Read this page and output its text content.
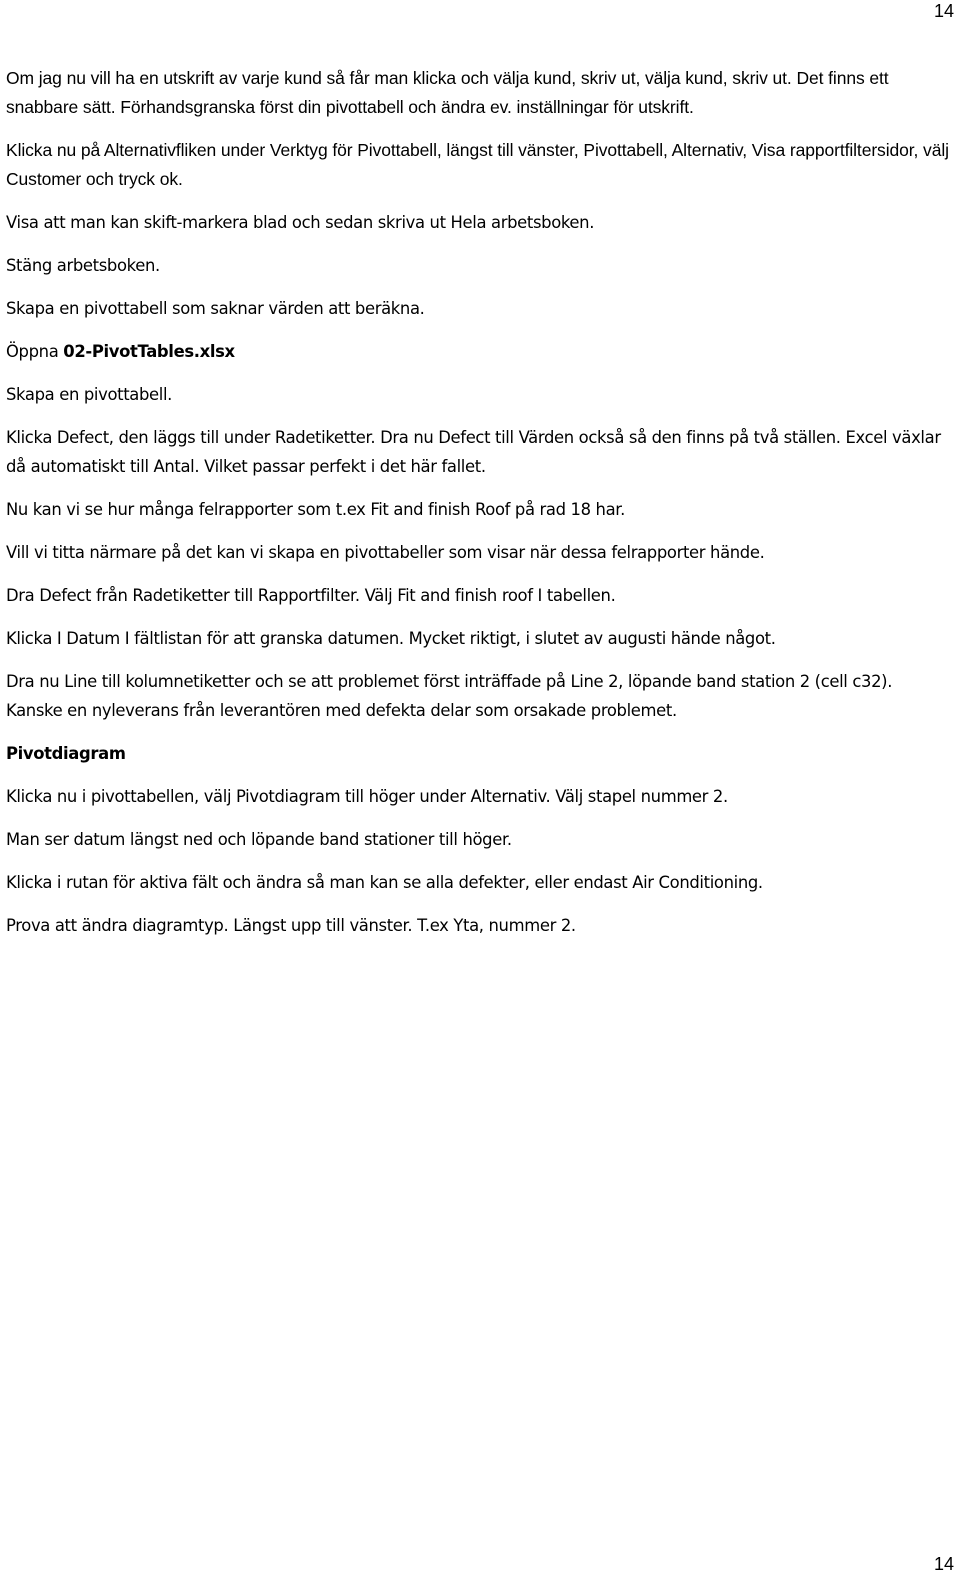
14

Om jag nu vill ha en utskrift av varje kund så får man klicka och välja kund, skriv ut, välja kund, skriv ut. Det finns ett snabbare sätt. Förhandsgranska först din pivottabell och ändra ev. inställningar för utskrift.

Klicka nu på Alternativfliken under Verktyg för Pivottabell, längst till vänster, Pivottabell, Alternativ, Visa rapportfiltersidor, välj Customer och tryck ok.

Visa att man kan skift-markera blad och sedan skriva ut Hela arbetsboken.

Stäng arbetsboken.

Skapa en pivottabell som saknar värden att beräkna.

Öppna 02-PivotTables.xlsx

Skapa en pivottabell.

Klicka Defect, den läggs till under Radetiketter. Dra nu Defect till Värden också så den finns på två ställen. Excel växlar då automatiskt till Antal. Vilket passar perfekt i det här fallet.

Nu kan vi se hur många felrapporter som t.ex Fit and finish Roof på rad 18 har.

Vill vi titta närmare på det kan vi skapa en pivottabeller som visar när dessa felrapporter hände.

Dra Defect från Radetiketter till Rapportfilter. Välj Fit and finish roof I tabellen.

Klicka I Datum I fältlistan för att granska datumen. Mycket riktigt, i slutet av augusti hände något.

Dra nu Line till kolumnetiketter och se att problemet först inträffade på Line 2, löpande band station 2 (cell c32). Kanske en nyleverans från leverantören med defekta delar som orsakade problemet.

Pivotdiagram

Klicka nu i pivottabellen, välj Pivotdiagram till höger under Alternativ. Välj stapel nummer 2.

Man ser datum längst ned och löpande band stationer till höger.

Klicka i rutan för aktiva fält och ändra så man kan se alla defekter, eller endast Air Conditioning.

Prova att ändra diagramtyp. Längst upp till vänster. T.ex Yta, nummer 2.

14
